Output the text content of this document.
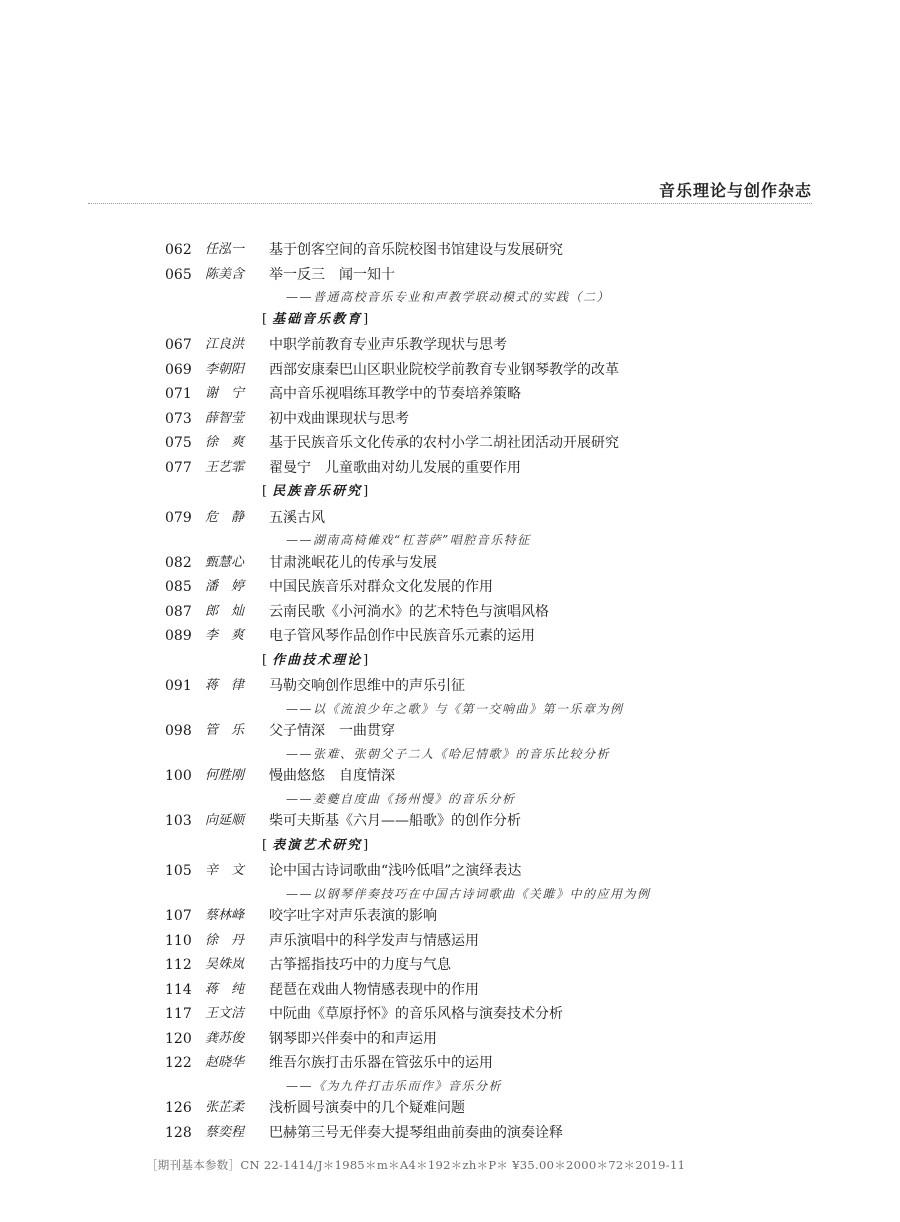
音乐理论与创作杂志
062 任泓一 基于创客空间的音乐院校图书馆建设与发展研究
065 陈美含 举一反三　闻一知十
——普通高校音乐专业和声教学联动模式的实践（二）
[ 基础音乐教育 ]
067 江良洪 中职学前教育专业声乐教学现状与思考
069 李朝阳 西部安康秦巴山区职业院校学前教育专业钢琴教学的改革
071 谢　宁 高中音乐视唱练耳教学中的节奏培养策略
073 薛智莹 初中戏曲课现状与思考
075 徐　爽 基于民族音乐文化传承的农村小学二胡社团活动开展研究
077 王艺霏 翟曼宁　儿童歌曲对幼儿发展的重要作用
[ 民族音乐研究 ]
079 危　静 五溪古风
——湖南高椅傩戏“杠菩萨”唱腔音乐特征
082 甄慧心 甘肃洮岷花儿的传承与发展
085 潘　婷 中国民族音乐对群众文化发展的作用
087 郎　灿 云南民歌《小河淌水》的艺术特色与演唱风格
089 李　爽 电子管风琴作品创作中民族音乐元素的运用
[ 作曲技术理论 ]
091 蒋　律 马勒交响创作思维中的声乐引征
——以《流浪少年之歌》与《第一交响曲》第一乐章为例
098 管　乐 父子情深　一曲贯穿
——张难、张朝父子二人《哈尼情歌》的音乐比较分析
100 何胜刚 慢曲悠悠　自度情深
——姜夔自度曲《扬州慢》的音乐分析
103 向延顺 柴可夫斯基《六月——船歌》的创作分析
[ 表演艺术研究 ]
105 辛　文 论中国古诗词歌曲“浅吟低唱”之演绎表达
——以钢琴伴奏技巧在中国古诗词歌曲《关雎》中的应用为例
107 蔡林峰 咬字吐字对声乐表演的影响
110 徐　丹 声乐演唱中的科学发声与情感运用
112 吴姝岚 古筝摇指技巧中的力度与气息
114 蒋　纯 琵琶在戏曲人物情感表现中的作用
117 王文洁 中阮曲《草原抒怀》的音乐风格与演奏技术分析
120 龚苏俊 钢琴即兴伴奏中的和声运用
122 赵晓华 维吾尔族打击乐器在管弦乐中的运用
——《为九件打击乐而作》音乐分析
126 张芷柔 浅析圆号演奏中的几个疑难问题
128 蔡奕程 巴赫第三号无伴奏大提琴组曲前奏曲的演奏诠释
［期刊基本参数］CN 22-1414/J＊1985＊m＊A4＊192＊zh＊P＊ ¥35.00＊2000＊72＊2019-11
